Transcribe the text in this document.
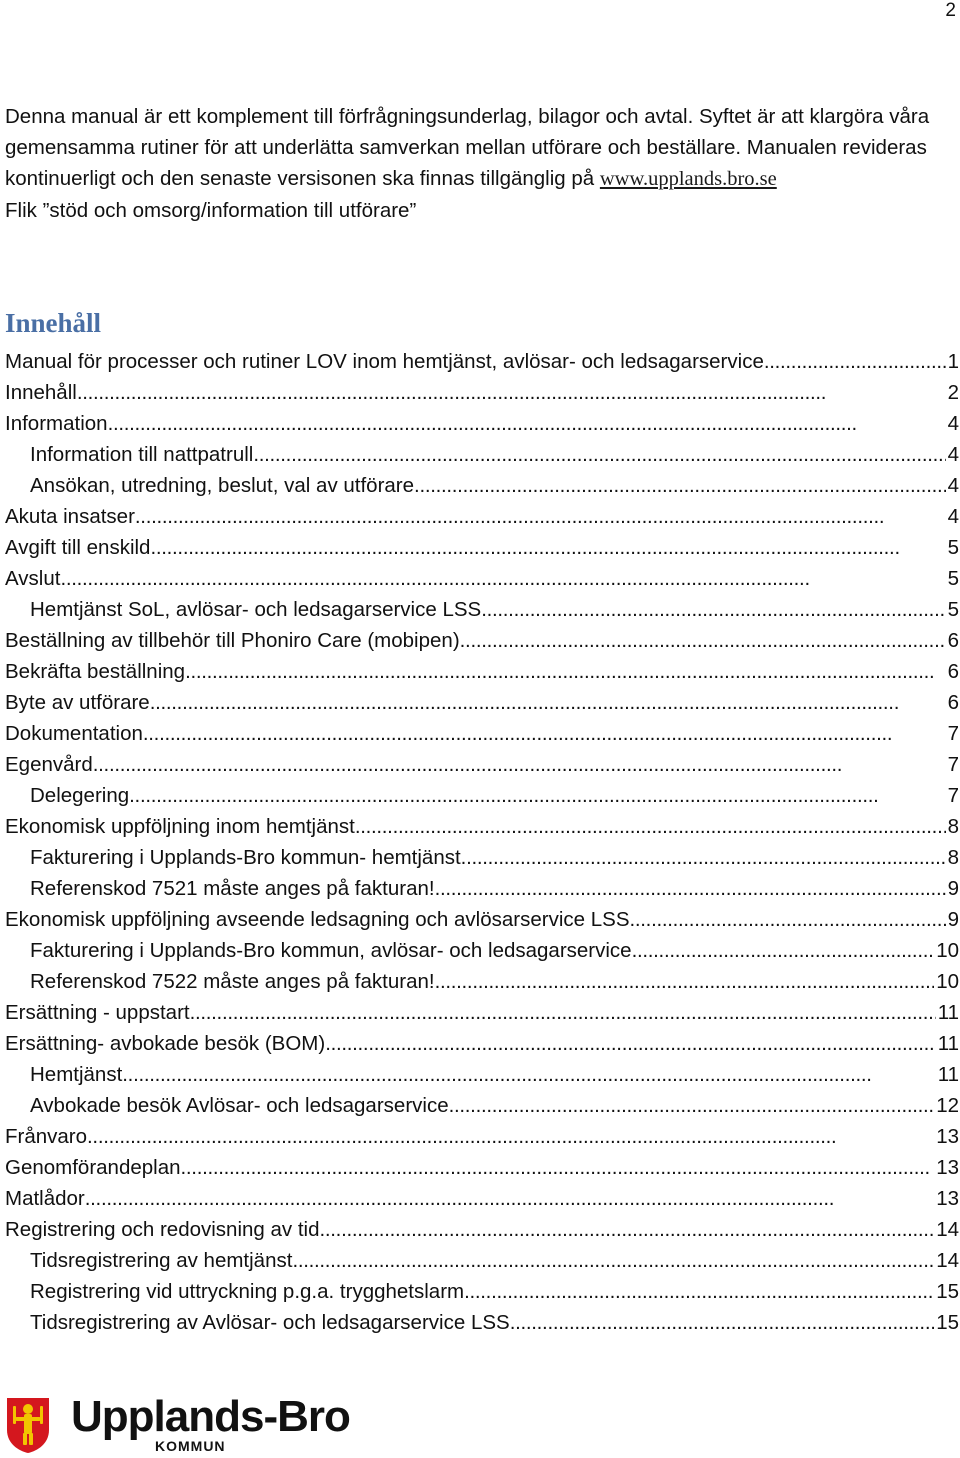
2

Denna manual är ett komplement till förfrågningsunderlag, bilagor och avtal. Syftet är att klargöra våra gemensamma rutiner för att underlätta samverkan mellan utförare och beställare. Manualen revideras kontinuerligt och den senaste versisonen ska finnas tillgänglig på www.upplands.bro.se

Flik ”stöd och omsorg/information till utförare”

Innehåll
Manual för processer och rutiner LOV inom hemtjänst, avlösar- och ledsagarservice . . .	1
Innehåll . . .	2
Information . . .	4
Information till nattpatrull . . .	4
Ansökan, utredning, beslut, val av utförare . . .	4
Akuta insatser . . .	4
Avgift till enskild . . .	5
Avslut . . .	5
Hemtjänst SoL, avlösar- och ledsagarservice LSS . . .	5
Beställning av tillbehör till Phoniro Care (mobipen) . . .	6
Bekräfta beställning . . .	6
Byte av utförare . . .	6
Dokumentation . . .	7
Egenvård . . .	7
Delegering . . .	7
Ekonomisk uppföljning inom hemtjänst . . .	8
Fakturering i Upplands-Bro kommun- hemtjänst . . .	8
Referenskod 7521 måste anges på fakturan! . . .	9
Ekonomisk uppföljning avseende ledsagning och avlösarservice LSS . . .	9
Fakturering i Upplands-Bro kommun, avlösar- och ledsagarservice . . .	10
Referenskod 7522 måste anges på fakturan! . . .	10
Ersättning - uppstart . . .	11
Ersättning- avbokade besök (BOM) . . .	11
Hemtjänst . . .	11
Avbokade besök Avlösar- och ledsagarservice . . .	12
Frånvaro . . .	13
Genomförandeplan . . .	13
Matlådor . . .	13
Registrering och redovisning av tid . . .	14
Tidsregistrering av hemtjänst . . .	14
Registrering vid uttryckning p.g.a. trygghetslarm . . .	15
Tidsregistrering av Avlösar- och ledsagarservice LSS . . .	15
Upplands-Bro
KOMMUN
